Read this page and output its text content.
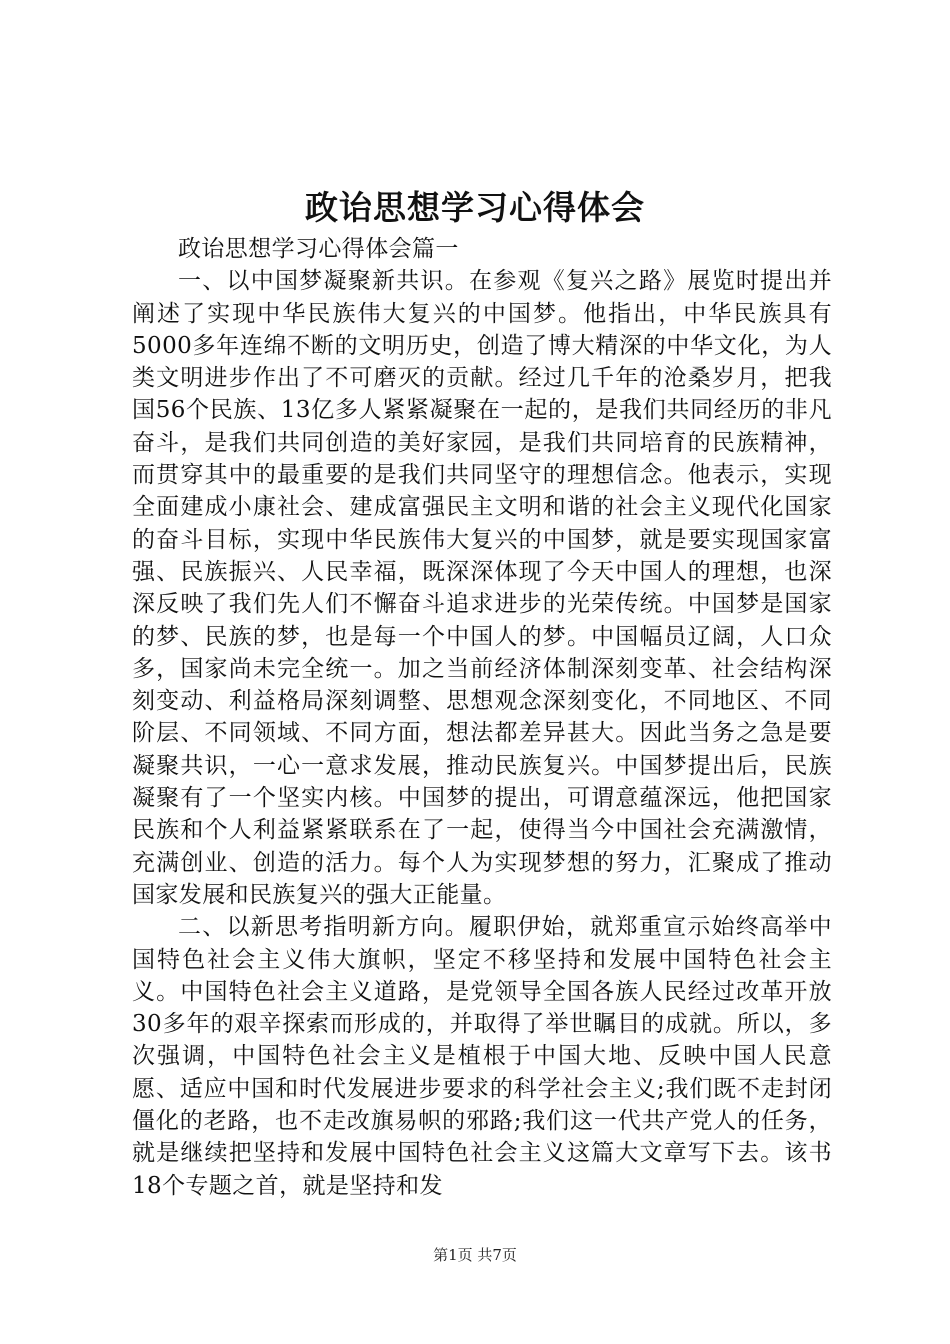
政诒思想学习心得体会

政诒思想学习心得体会篇一

一、以中国梦凝聚新共识。在参观《复兴之路》展览时提出并阐述了实现中华民族伟大复兴的中国梦。他指出，中华民族具有5000多年连绵不断的文明历史，创造了博大精深的中华文化，为人类文明进步作出了不可磨灭的贡献。经过几千年的沧桑岁月，把我国56个民族、13亿多人紧紧凝聚在一起的，是我们共同经历的非凡奋斗，是我们共同创造的美好家园，是我们共同培育的民族精神，而贯穿其中的最重要的是我们共同坚守的理想信念。他表示，实现全面建成小康社会、建成富强民主文明和谐的社会主义现代化国家的奋斗目标，实现中华民族伟大复兴的中国梦，就是要实现国家富强、民族振兴、人民幸福，既深深体现了今天中国人的理想，也深深反映了我们先人们不懈奋斗追求进步的光荣传统。中国梦是国家的梦、民族的梦，也是每一个中国人的梦。中国幅员辽阔，人口众多，国家尚未完全统一。加之当前经济体制深刻变革、社会结构深刻变动、利益格局深刻调整、思想观念深刻变化，不同地区、不同阶层、不同领域、不同方面，想法都差异甚大。因此当务之急是要凝聚共识，一心一意求发展，推动民族复兴。中国梦提出后，民族凝聚有了一个坚实内核。中国梦的提出，可谓意蕴深远，他把国家民族和个人利益紧紧联系在了一起，使得当今中国社会充满激情，充满创业、创造的活力。每个人为实现梦想的努力，汇聚成了推动国家发展和民族复兴的强大正能量。

二、以新思考指明新方向。履职伊始，就郑重宣示始终高举中国特色社会主义伟大旗帜，坚定不移坚持和发展中国特色社会主义。中国特色社会主义道路，是党领导全国各族人民经过改革开放30多年的艰辛探索而形成的，并取得了举世瞩目的成就。所以，多次强调，中国特色社会主义是植根于中国大地、反映中国人民意愿、适应中国和时代发展进步要求的科学社会主义;我们既不走封闭僵化的老路，也不走改旗易帜的邪路;我们这一代共产党人的任务，就是继续把坚持和发展中国特色社会主义这篇大文章写下去。该书18个专题之首，就是坚持和发

第1页 共7页
